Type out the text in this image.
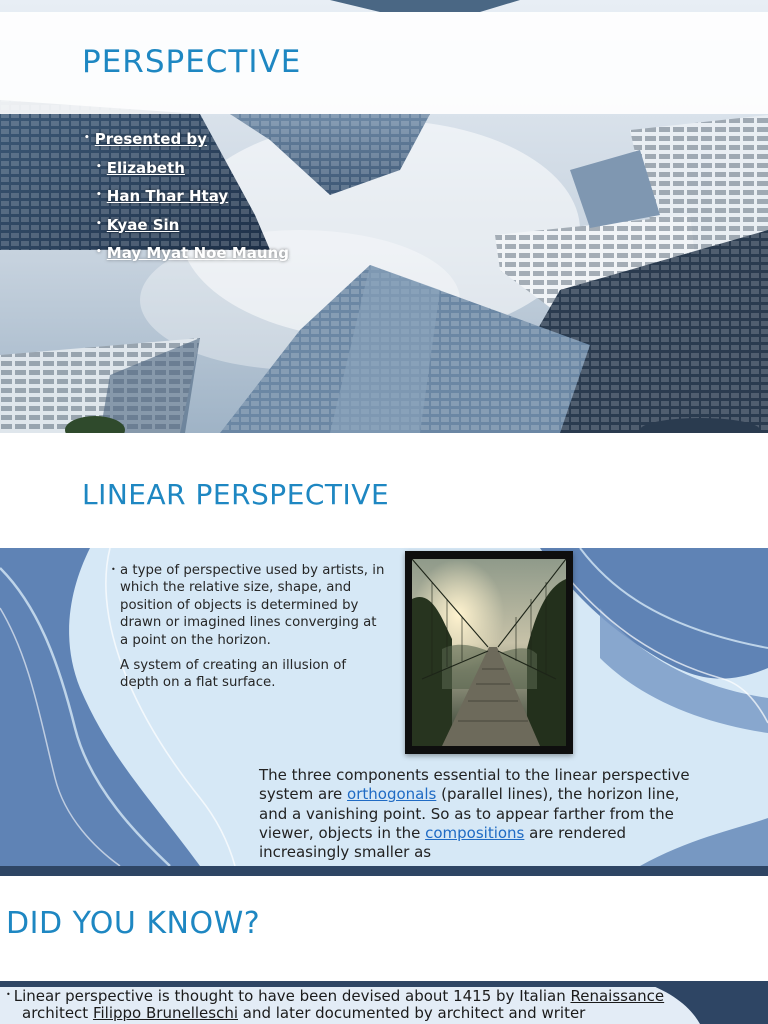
PERSPECTIVE
• Presented by
• Elizabeth
• Han Thar Htay
• Kyae Sin
• May Myat Noe Maung
LINEAR PERSPECTIVE

• a type of perspective used by artists, in which the relative size, shape, and position of objects is determined by drawn or imagined lines converging at a point on the horizon.

A system of creating an illusion of depth on a flat surface.

The three components essential to the linear perspective system are orthogonals (parallel lines), the horizon line, and a vanishing point. So as to appear farther from the viewer, objects in the compositions are rendered increasingly smaller as
DID YOU KNOW?
• Linear perspective is thought to have been devised about 1415 by Italian Renaissance
architect Filippo Brunelleschi and later documented by architect and writer
